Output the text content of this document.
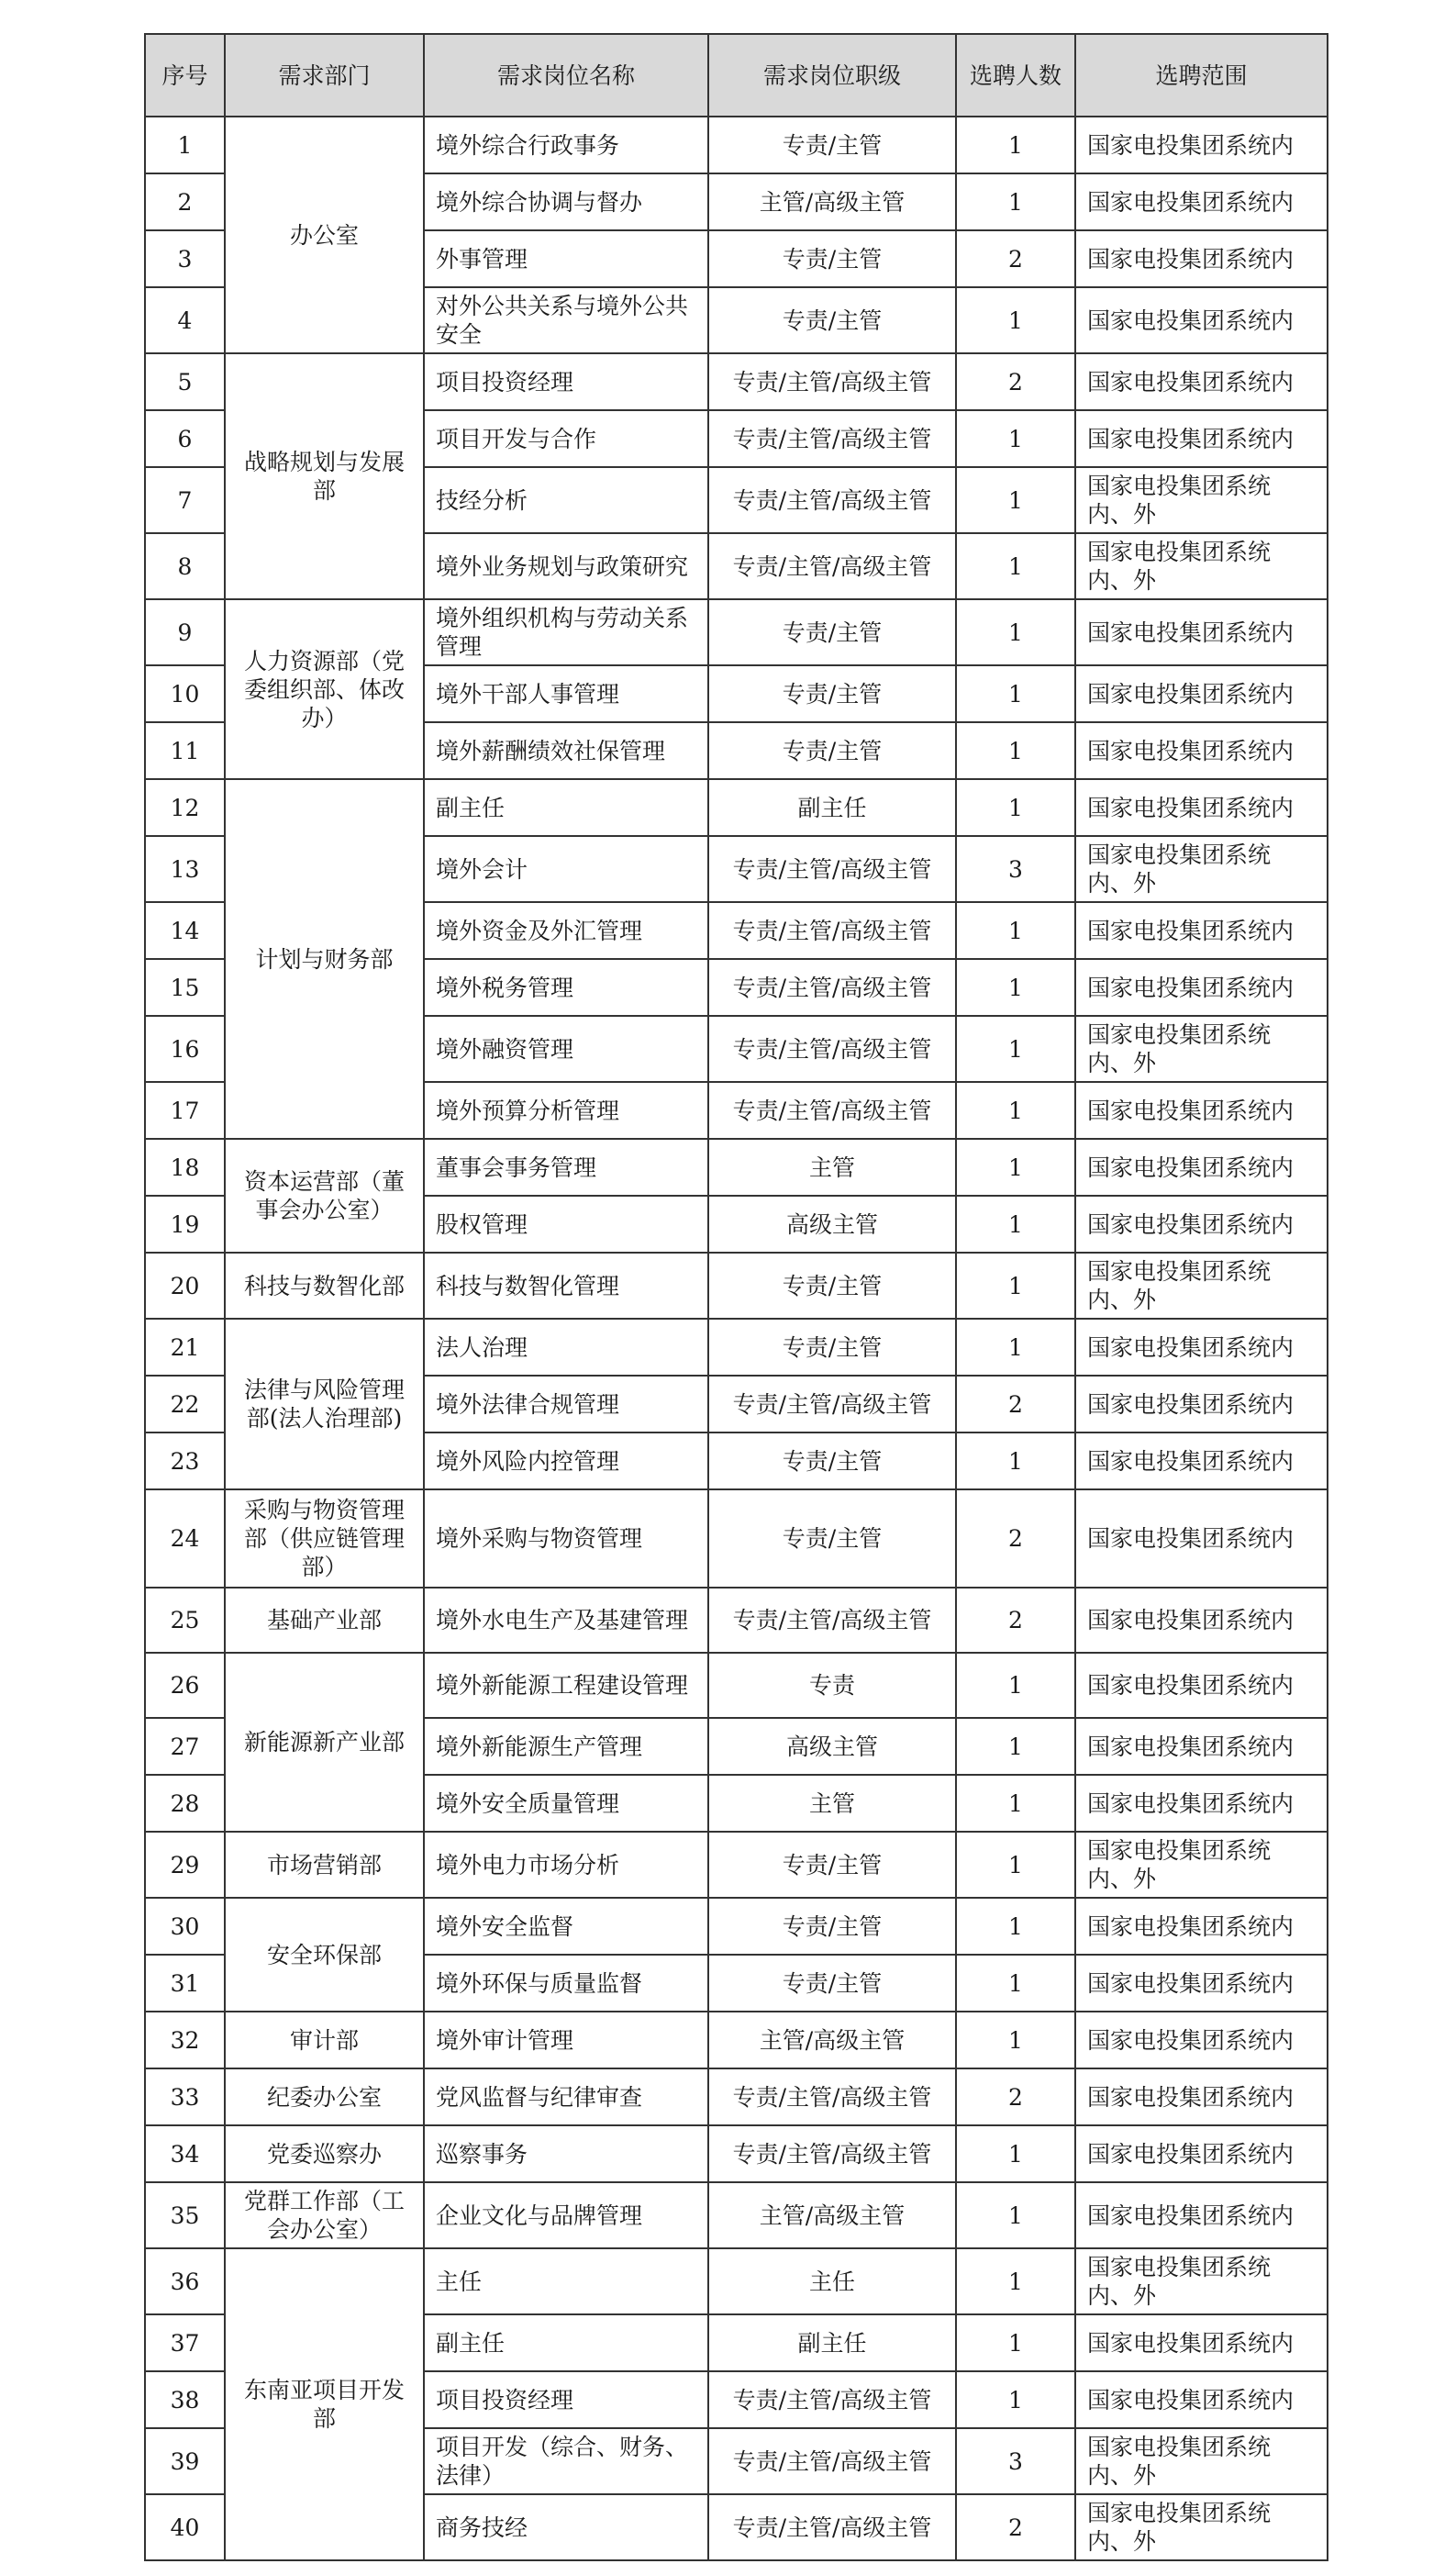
序号	需求部门	需求岗位名称	需求岗位职级	选聘人数	选聘范围
1	办公室	境外综合行政事务	专责/主管	1	国家电投集团系统内
2		境外综合协调与督办	主管/高级主管	1	国家电投集团系统内
3		外事管理	专责/主管	2	国家电投集团系统内
4		对外公共关系与境外公共安全	专责/主管	1	国家电投集团系统内
5	战略规划与发展部	项目投资经理	专责/主管/高级主管	2	国家电投集团系统内
6		项目开发与合作	专责/主管/高级主管	1	国家电投集团系统内
7		技经分析	专责/主管/高级主管	1	国家电投集团系统内、外
8		境外业务规划与政策研究	专责/主管/高级主管	1	国家电投集团系统内、外
9	人力资源部（党委组织部、体改办）	境外组织机构与劳动关系管理	专责/主管	1	国家电投集团系统内
10		境外干部人事管理	专责/主管	1	国家电投集团系统内
11		境外薪酬绩效社保管理	专责/主管	1	国家电投集团系统内
12	计划与财务部	副主任	副主任	1	国家电投集团系统内
13		境外会计	专责/主管/高级主管	3	国家电投集团系统内、外
14		境外资金及外汇管理	专责/主管/高级主管	1	国家电投集团系统内
15		境外税务管理	专责/主管/高级主管	1	国家电投集团系统内
16		境外融资管理	专责/主管/高级主管	1	国家电投集团系统内、外
17		境外预算分析管理	专责/主管/高级主管	1	国家电投集团系统内
18	资本运营部（董事会办公室）	董事会事务管理	主管	1	国家电投集团系统内
19		股权管理	高级主管	1	国家电投集团系统内
20	科技与数智化部	科技与数智化管理	专责/主管	1	国家电投集团系统内、外
21	法律与风险管理部(法人治理部)	法人治理	专责/主管	1	国家电投集团系统内
22		境外法律合规管理	专责/主管/高级主管	2	国家电投集团系统内
23		境外风险内控管理	专责/主管	1	国家电投集团系统内
24	采购与物资管理部（供应链管理部）	境外采购与物资管理	专责/主管	2	国家电投集团系统内
25	基础产业部	境外水电生产及基建管理	专责/主管/高级主管	2	国家电投集团系统内
26	新能源新产业部	境外新能源工程建设管理	专责	1	国家电投集团系统内
27		境外新能源生产管理	高级主管	1	国家电投集团系统内
28		境外安全质量管理	主管	1	国家电投集团系统内
29	市场营销部	境外电力市场分析	专责/主管	1	国家电投集团系统内、外
30	安全环保部	境外安全监督	专责/主管	1	国家电投集团系统内
31		境外环保与质量监督	专责/主管	1	国家电投集团系统内
32	审计部	境外审计管理	主管/高级主管	1	国家电投集团系统内
33	纪委办公室	党风监督与纪律审查	专责/主管/高级主管	2	国家电投集团系统内
34	党委巡察办	巡察事务	专责/主管/高级主管	1	国家电投集团系统内
35	党群工作部（工会办公室）	企业文化与品牌管理	主管/高级主管	1	国家电投集团系统内
36	东南亚项目开发部	主任	主任	1	国家电投集团系统内、外
37		副主任	副主任	1	国家电投集团系统内
38		项目投资经理	专责/主管/高级主管	1	国家电投集团系统内
39		项目开发（综合、财务、法律）	专责/主管/高级主管	3	国家电投集团系统内、外
40		商务技经	专责/主管/高级主管	2	国家电投集团系统内、外
